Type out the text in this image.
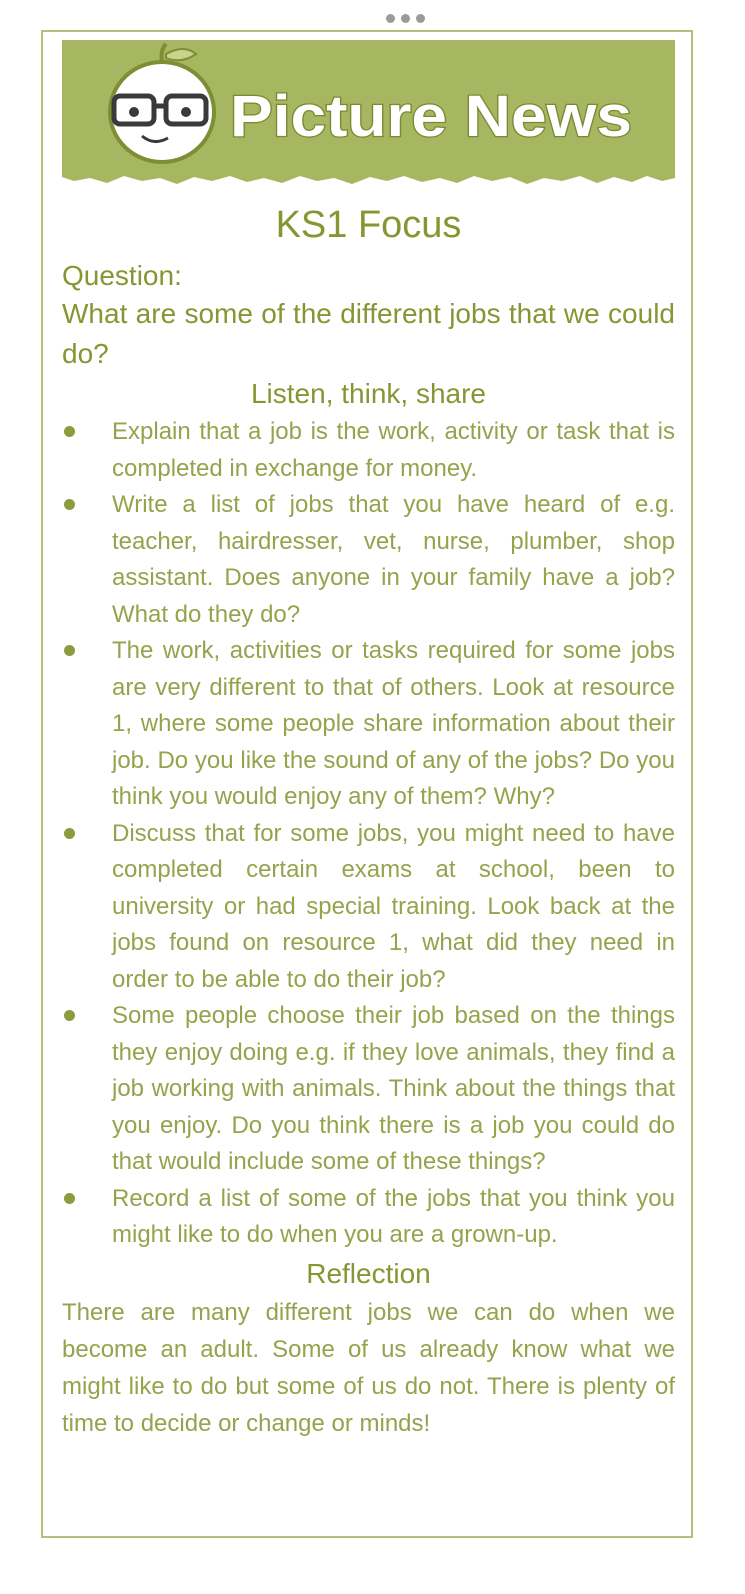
Picture News
KS1 Focus

Question:

What are some of the different jobs that we could do?

Listen, think, share
Explain that a job is the work, activity or task that is completed in exchange for money.
Write a list of jobs that you have heard of e.g. teacher, hairdresser, vet, nurse, plumber, shop assistant. Does anyone in your family have a job? What do they do?
The work, activities or tasks required for some jobs are very different to that of others. Look at resource 1, where some people share information about their job. Do you like the sound of any of the jobs? Do you think you would enjoy any of them? Why?
Discuss that for some jobs, you might need to have completed certain exams at school, been to university or had special training. Look back at the jobs found on resource 1, what did they need in order to be able to do their job?
Some people choose their job based on the things they enjoy doing e.g. if they love animals, they find a job working with animals. Think about the things that you enjoy. Do you think there is a job you could do that would include some of these things?
Record a list of some of the jobs that you think you might like to do when you are a grown-up.
Reflection

There are many different jobs we can do when we become an adult. Some of us already know what we might like to do but some of us do not. There is plenty of time to decide or change or minds!
